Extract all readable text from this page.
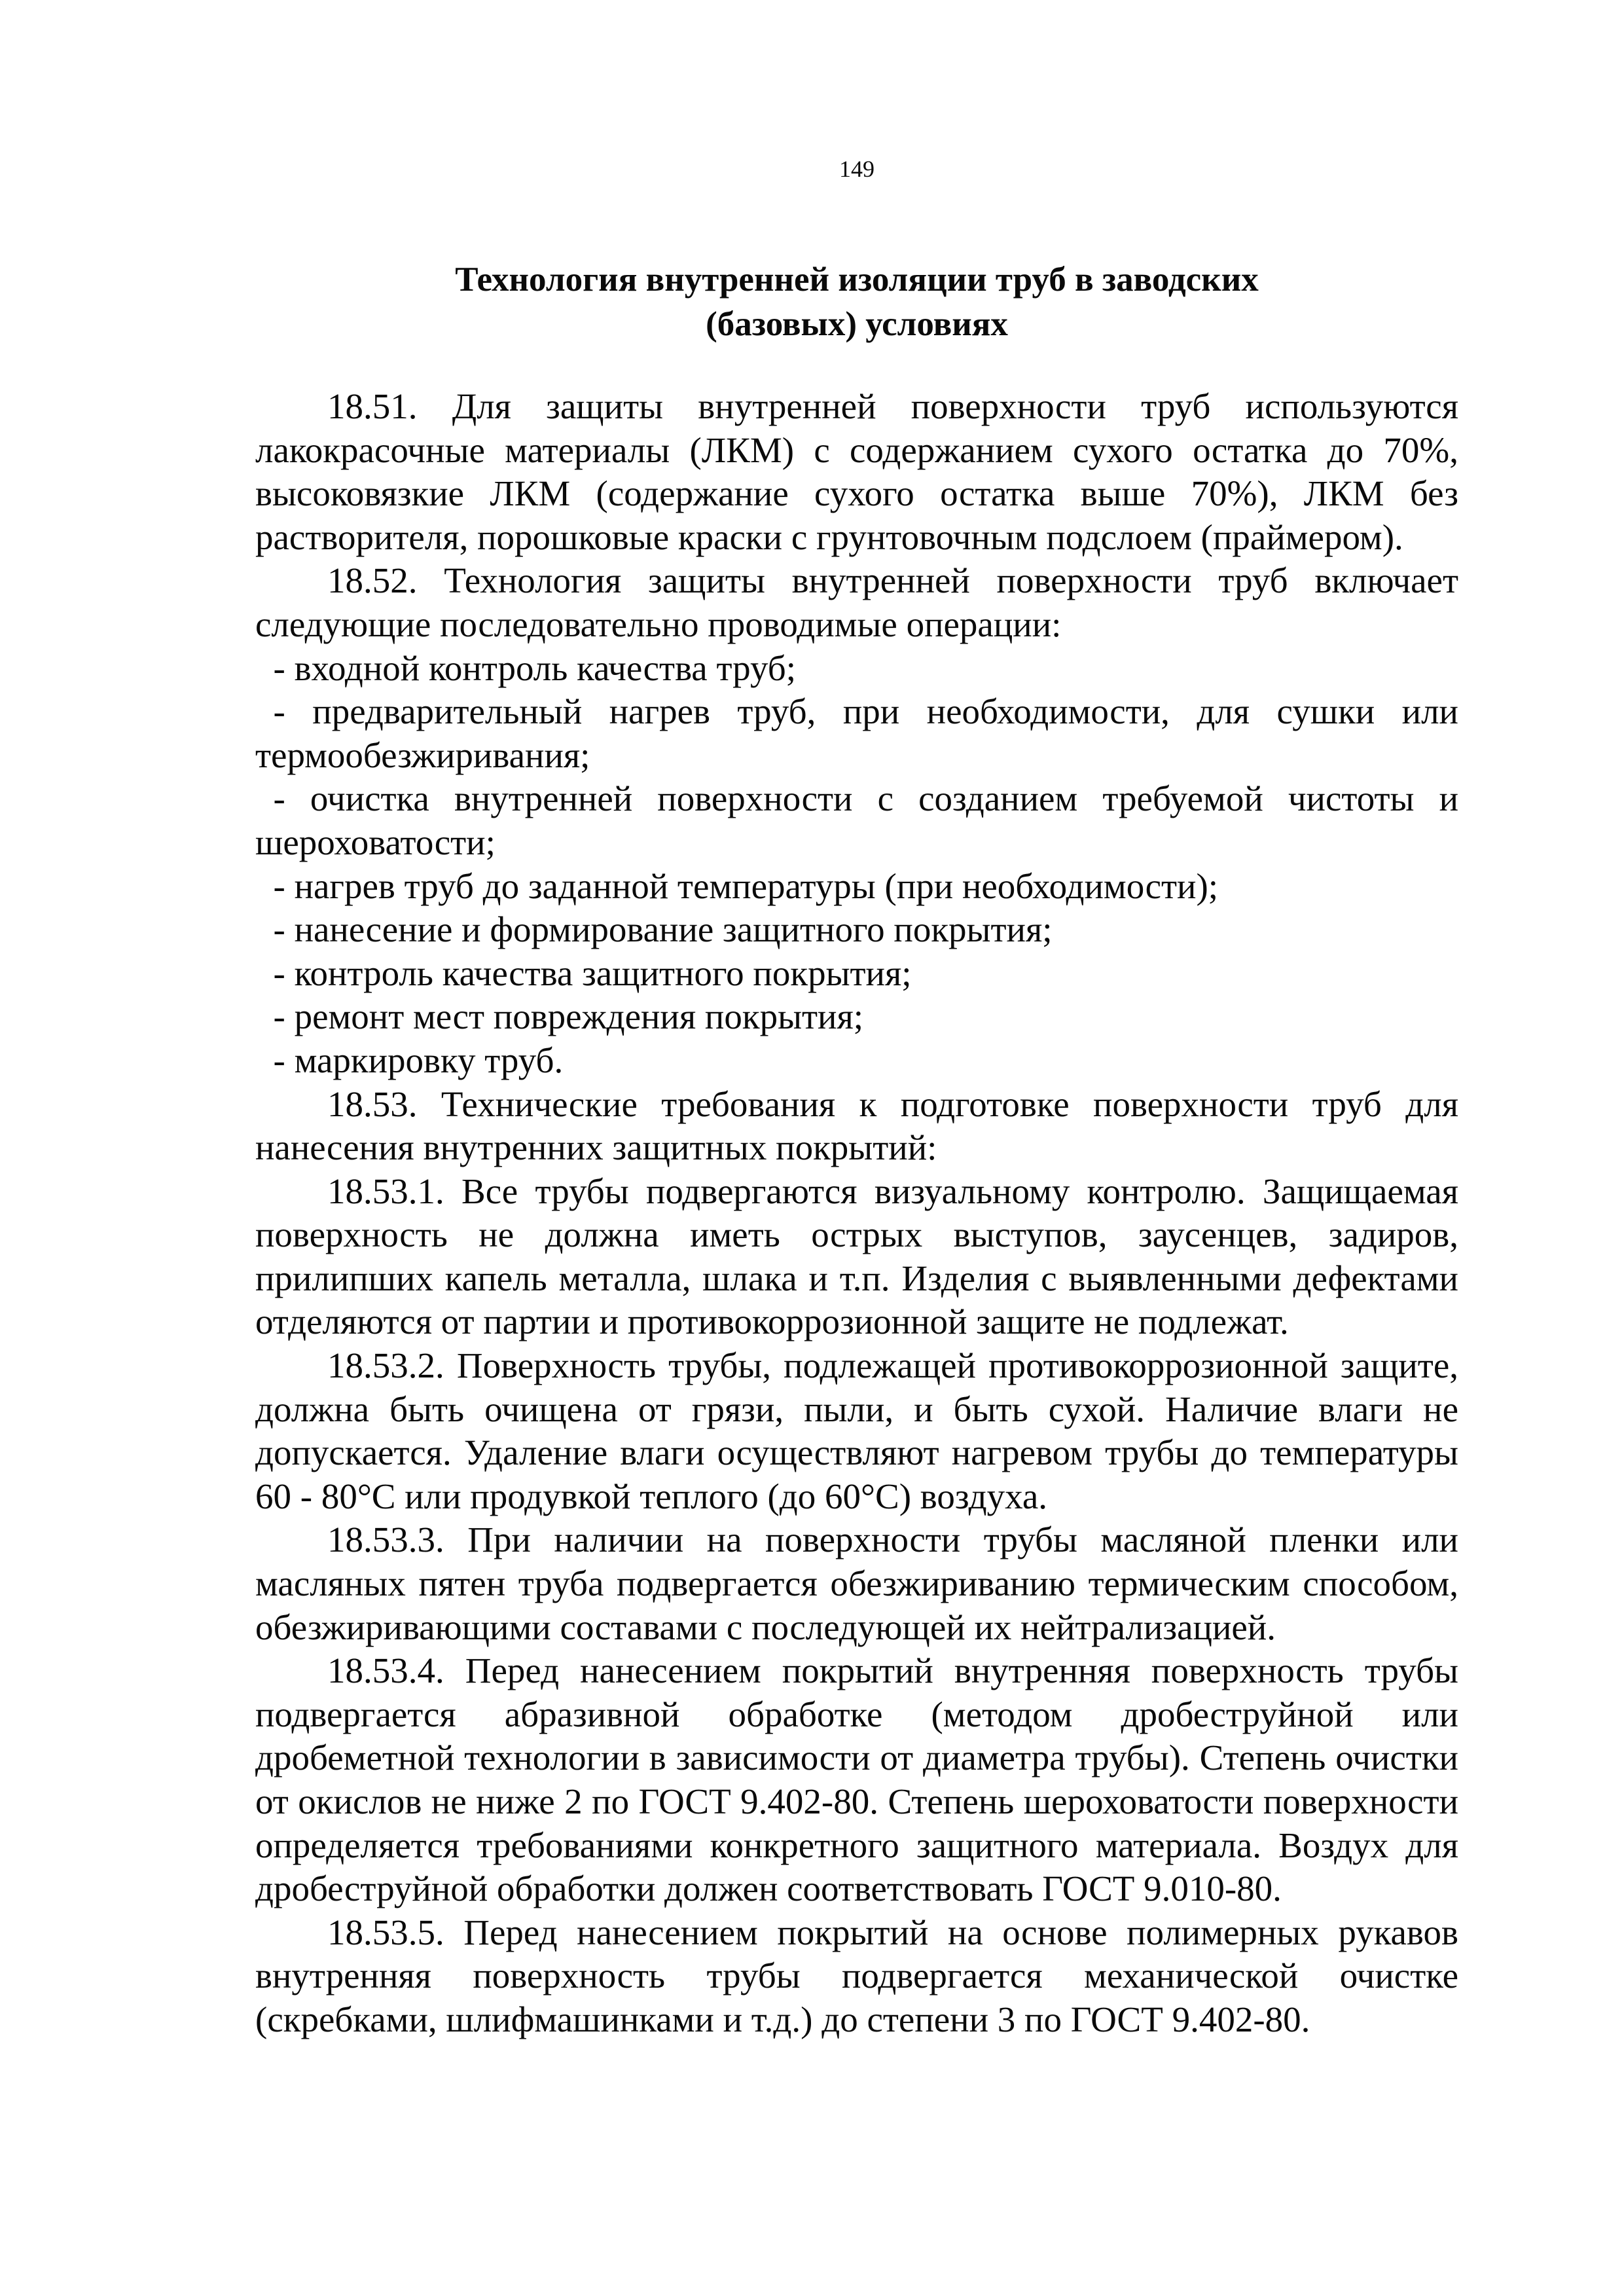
149
Технология внутренней изоляции труб в заводских
(базовых) условиях

18.51. Для защиты внутренней поверхности труб используются лакокрасочные материалы (ЛКМ) с содержанием сухого остатка до 70%, высоковязкие ЛКМ (содержание сухого остатка выше 70%), ЛКМ без растворителя, порошковые краски с грунтовочным подслоем (праймером).

18.52. Технология защиты внутренней поверхности труб включает следующие последовательно проводимые операции:

- входной контроль качества труб;

- предварительный нагрев труб, при необходимости, для сушки или термообезжиривания;

- очистка внутренней поверхности с созданием требуемой чистоты и шероховатости;

- нагрев труб до заданной температуры (при необходимости);

- нанесение и формирование защитного покрытия;

- контроль качества защитного покрытия;

- ремонт мест повреждения покрытия;

- маркировку труб.

18.53. Технические требования к подготовке поверхности труб для нанесения внутренних защитных покрытий:

18.53.1. Все трубы подвергаются визуальному контролю. Защищаемая поверхность не должна иметь острых выступов, заусенцев, задиров, прилипших капель металла, шлака и т.п. Изделия с выявленными дефектами отделяются от партии и противокоррозионной защите не подлежат.

18.53.2. Поверхность трубы, подлежащей противокоррозионной защите, должна быть очищена от грязи, пыли, и быть сухой. Наличие влаги не допускается. Удаление влаги осуществляют нагревом трубы до температуры 60 - 80°С или продувкой теплого (до 60°С) воздуха.

18.53.3. При наличии на поверхности трубы масляной пленки или масляных пятен труба подвергается обезжириванию термическим способом, обезжиривающими составами с последующей их нейтрализацией.

18.53.4. Перед нанесением покрытий внутренняя поверхность трубы подвергается абразивной обработке (методом дробеструйной или дробеметной технологии в зависимости от диаметра трубы). Степень очистки от окислов не ниже 2 по ГОСТ 9.402-80. Степень шероховатости поверхности определяется требованиями конкретного защитного материала. Воздух для дробеструйной обработки должен соответствовать ГОСТ 9.010-80.

18.53.5. Перед нанесением покрытий на основе полимерных рукавов внутренняя поверхность трубы подвергается механической очистке (скребками, шлифмашинками и т.д.) до степени 3 по ГОСТ 9.402-80.
